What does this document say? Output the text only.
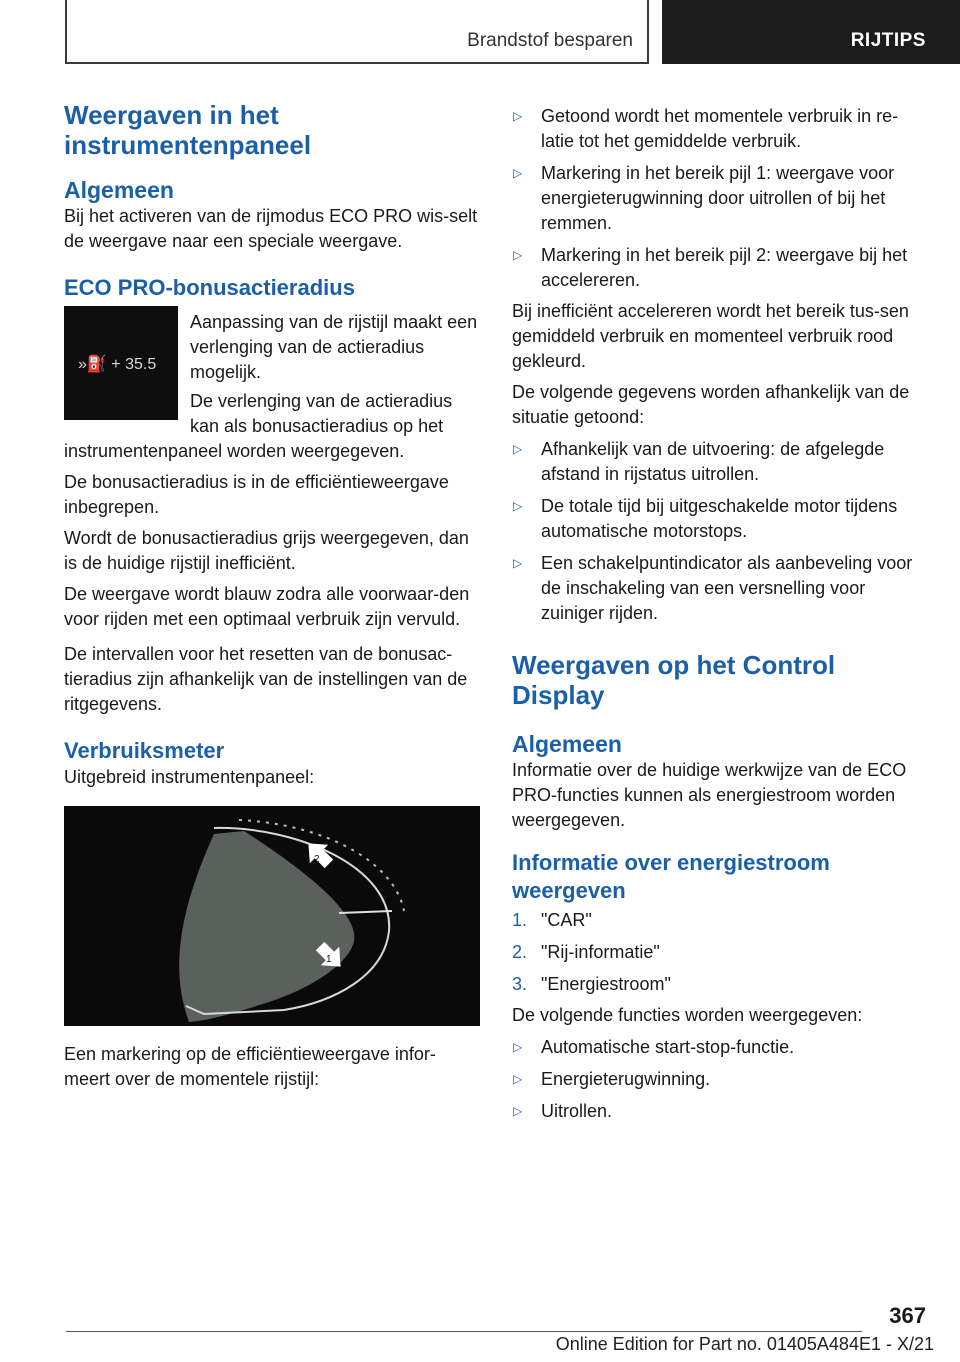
Brandstof besparen	RIJTIPS
Weergaven in het instrumentenpaneel
Algemeen

Bij het activeren van de rijmodus ECO PRO wis-selt de weergave naar een speciale weergave.

ECO PRO-bonusactieradius
»⛽ + 35.5

Aanpassing van de rijstijl maakt een verlenging van de actieradius mogelijk.

De verlenging van de actieradius kan als bonusactieradius op het instrumentenpaneel worden weergegeven.

De bonusactieradius is in de efficiëntieweergave inbegrepen.

Wordt de bonusactieradius grijs weergegeven, dan is de huidige rijstijl inefficiënt.

De weergave wordt blauw zodra alle voorwaar-den voor rijden met een optimaal verbruik zijn vervuld.

De intervallen voor het resetten van de bonusac-tieradius zijn afhankelijk van de instellingen van de ritgegevens.

Verbruiksmeter

Uitgebreid instrumentenpaneel:

2
1

Een markering op de efficiëntieweergave infor-meert over de momentele rijstijl:

▷ Getoond wordt het momentele verbruik in re-latie tot het gemiddelde verbruik.
▷ Markering in het bereik pijl 1: weergave voor energieterugwinning door uitrollen of bij het remmen.
▷ Markering in het bereik pijl 2: weergave bij het accelereren.

Bij inefficiënt accelereren wordt het bereik tus-sen gemiddeld verbruik en momenteel verbruik rood gekleurd.

De volgende gegevens worden afhankelijk van de situatie getoond:

▷ Afhankelijk van de uitvoering: de afgelegde afstand in rijstatus uitrollen.
▷ De totale tijd bij uitgeschakelde motor tijdens automatische motorstops.
▷ Een schakelpuntindicator als aanbeveling voor de inschakeling van een versnelling voor zuiniger rijden.
Weergaven op het Control Display
Algemeen

Informatie over de huidige werkwijze van de ECO PRO-functies kunnen als energiestroom worden weergegeven.

Informatie over energiestroom weergeven
1. "CAR"
2. "Rij-informatie"
3. "Energiestroom"

De volgende functies worden weergegeven:

▷ Automatische start-stop-functie.
▷ Energieterugwinning.
▷ Uitrollen.
367
Online Edition for Part no. 01405A484E1 - X/21
